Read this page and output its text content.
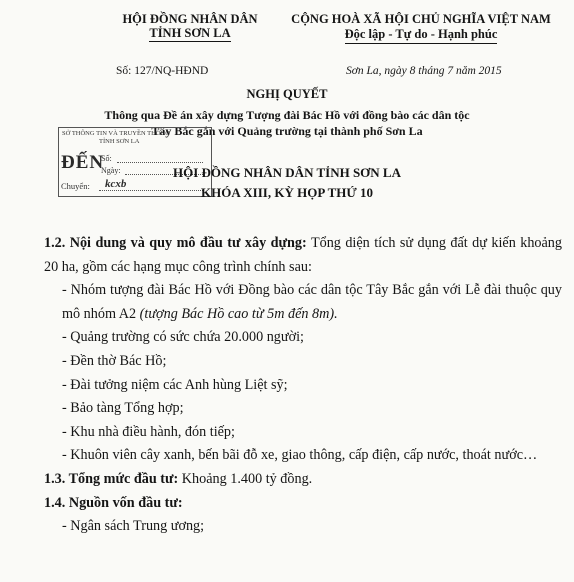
HỘI ĐỒNG NHÂN DÂN
TỈNH SƠN LA
CỘNG HOÀ XÃ HỘI CHỦ NGHĨA VIỆT NAM
Độc lập - Tự do - Hạnh phúc
Số: 127/NQ-HĐND	Sơn La, ngày 8 tháng 7 năm 2015
NGHỊ QUYẾT
Thông qua Đề án xây dựng Tượng đài Bác Hồ với đồng bào các dân tộc
Tây Bắc gắn với Quảng trường tại thành phố Sơn La
SỞ THÔNG TIN VÀ TRUYỀN THÔNG
TỈNH SƠN LA
ĐẾN
Số:
Ngày:
Chuyển: kcxb
HỘI ĐỒNG NHÂN DÂN TỈNH SƠN LA
KHÓA XIII, KỲ HỌP THỨ 10

1.2. Nội dung và quy mô đầu tư xây dựng: Tổng diện tích sử dụng đất dự kiến khoảng 20 ha, gồm các hạng mục công trình chính sau:

- Nhóm tượng đài Bác Hồ với Đồng bào các dân tộc Tây Bắc gắn với Lễ đài thuộc quy mô nhóm A2 (tượng Bác Hồ cao từ 5m đến 8m).

- Quảng trường có sức chứa 20.000 người;

- Đền thờ Bác Hồ;

- Đài tưởng niệm các Anh hùng Liệt sỹ;

- Bảo tàng Tổng hợp;

- Khu nhà điều hành, đón tiếp;

- Khuôn viên cây xanh, bến bãi đỗ xe, giao thông, cấp điện, cấp nước, thoát nước…

1.3. Tổng mức đầu tư: Khoảng 1.400 tỷ đồng.

1.4. Nguồn vốn đầu tư:

- Ngân sách Trung ương;
